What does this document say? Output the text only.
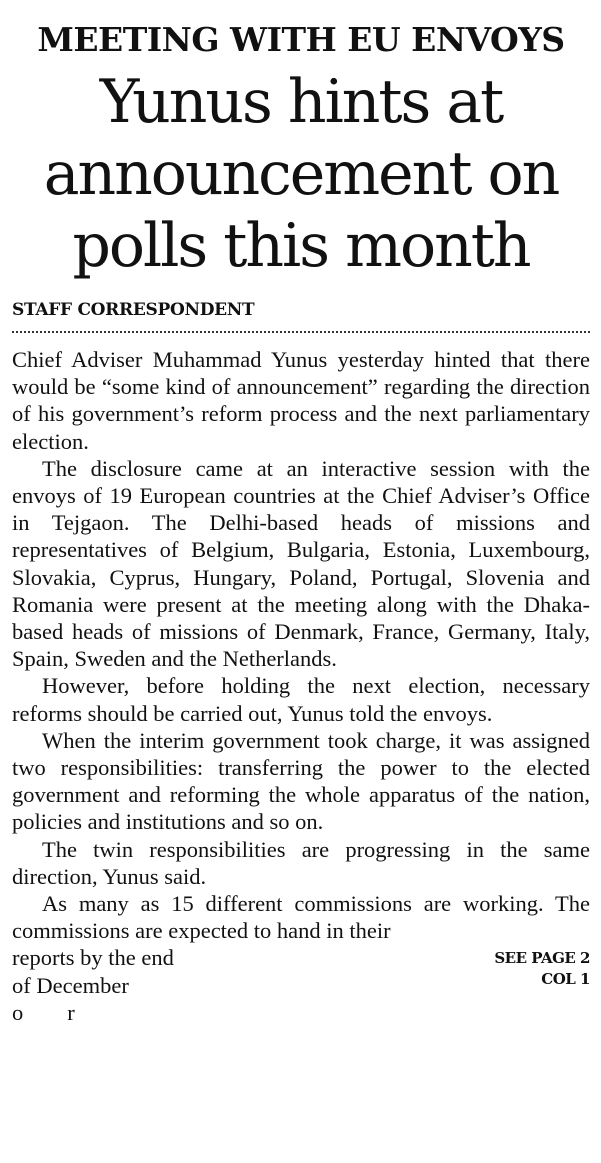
MEETING WITH EU ENVOYS
Yunus hints at
announcement on
polls this month
STAFF CORRESPONDENT

Chief Adviser Muhammad Yunus yesterday hinted that there would be “some kind of announcement” regarding the direction of his government’s reform process and the next parliamentary election.

The disclosure came at an interactive session with the envoys of 19 European countries at the Chief Adviser’s Office in Tejgaon. The Delhi-based heads of missions and representatives of Belgium, Bulgaria, Estonia, Luxembourg, Slovakia, Cyprus, Hungary, Poland, Portugal, Slovenia and Romania were present at the meeting along with the Dhaka-based heads of missions of Denmark, France, Germany, Italy, Spain, Sweden and the Netherlands.

However, before holding the next election, necessary reforms should be carried out, Yunus told the envoys.

When the interim government took charge, it was assigned two responsibilities: transferring the power to the elected government and reforming the whole apparatus of the nation, policies and institutions and so on.

The twin responsibilities are progressing in the same direction, Yunus said.

As many as 15 different commissions are working. The commissions are expected to hand in their

reports by the end
of December
or
SEE PAGE 2
COL 1
